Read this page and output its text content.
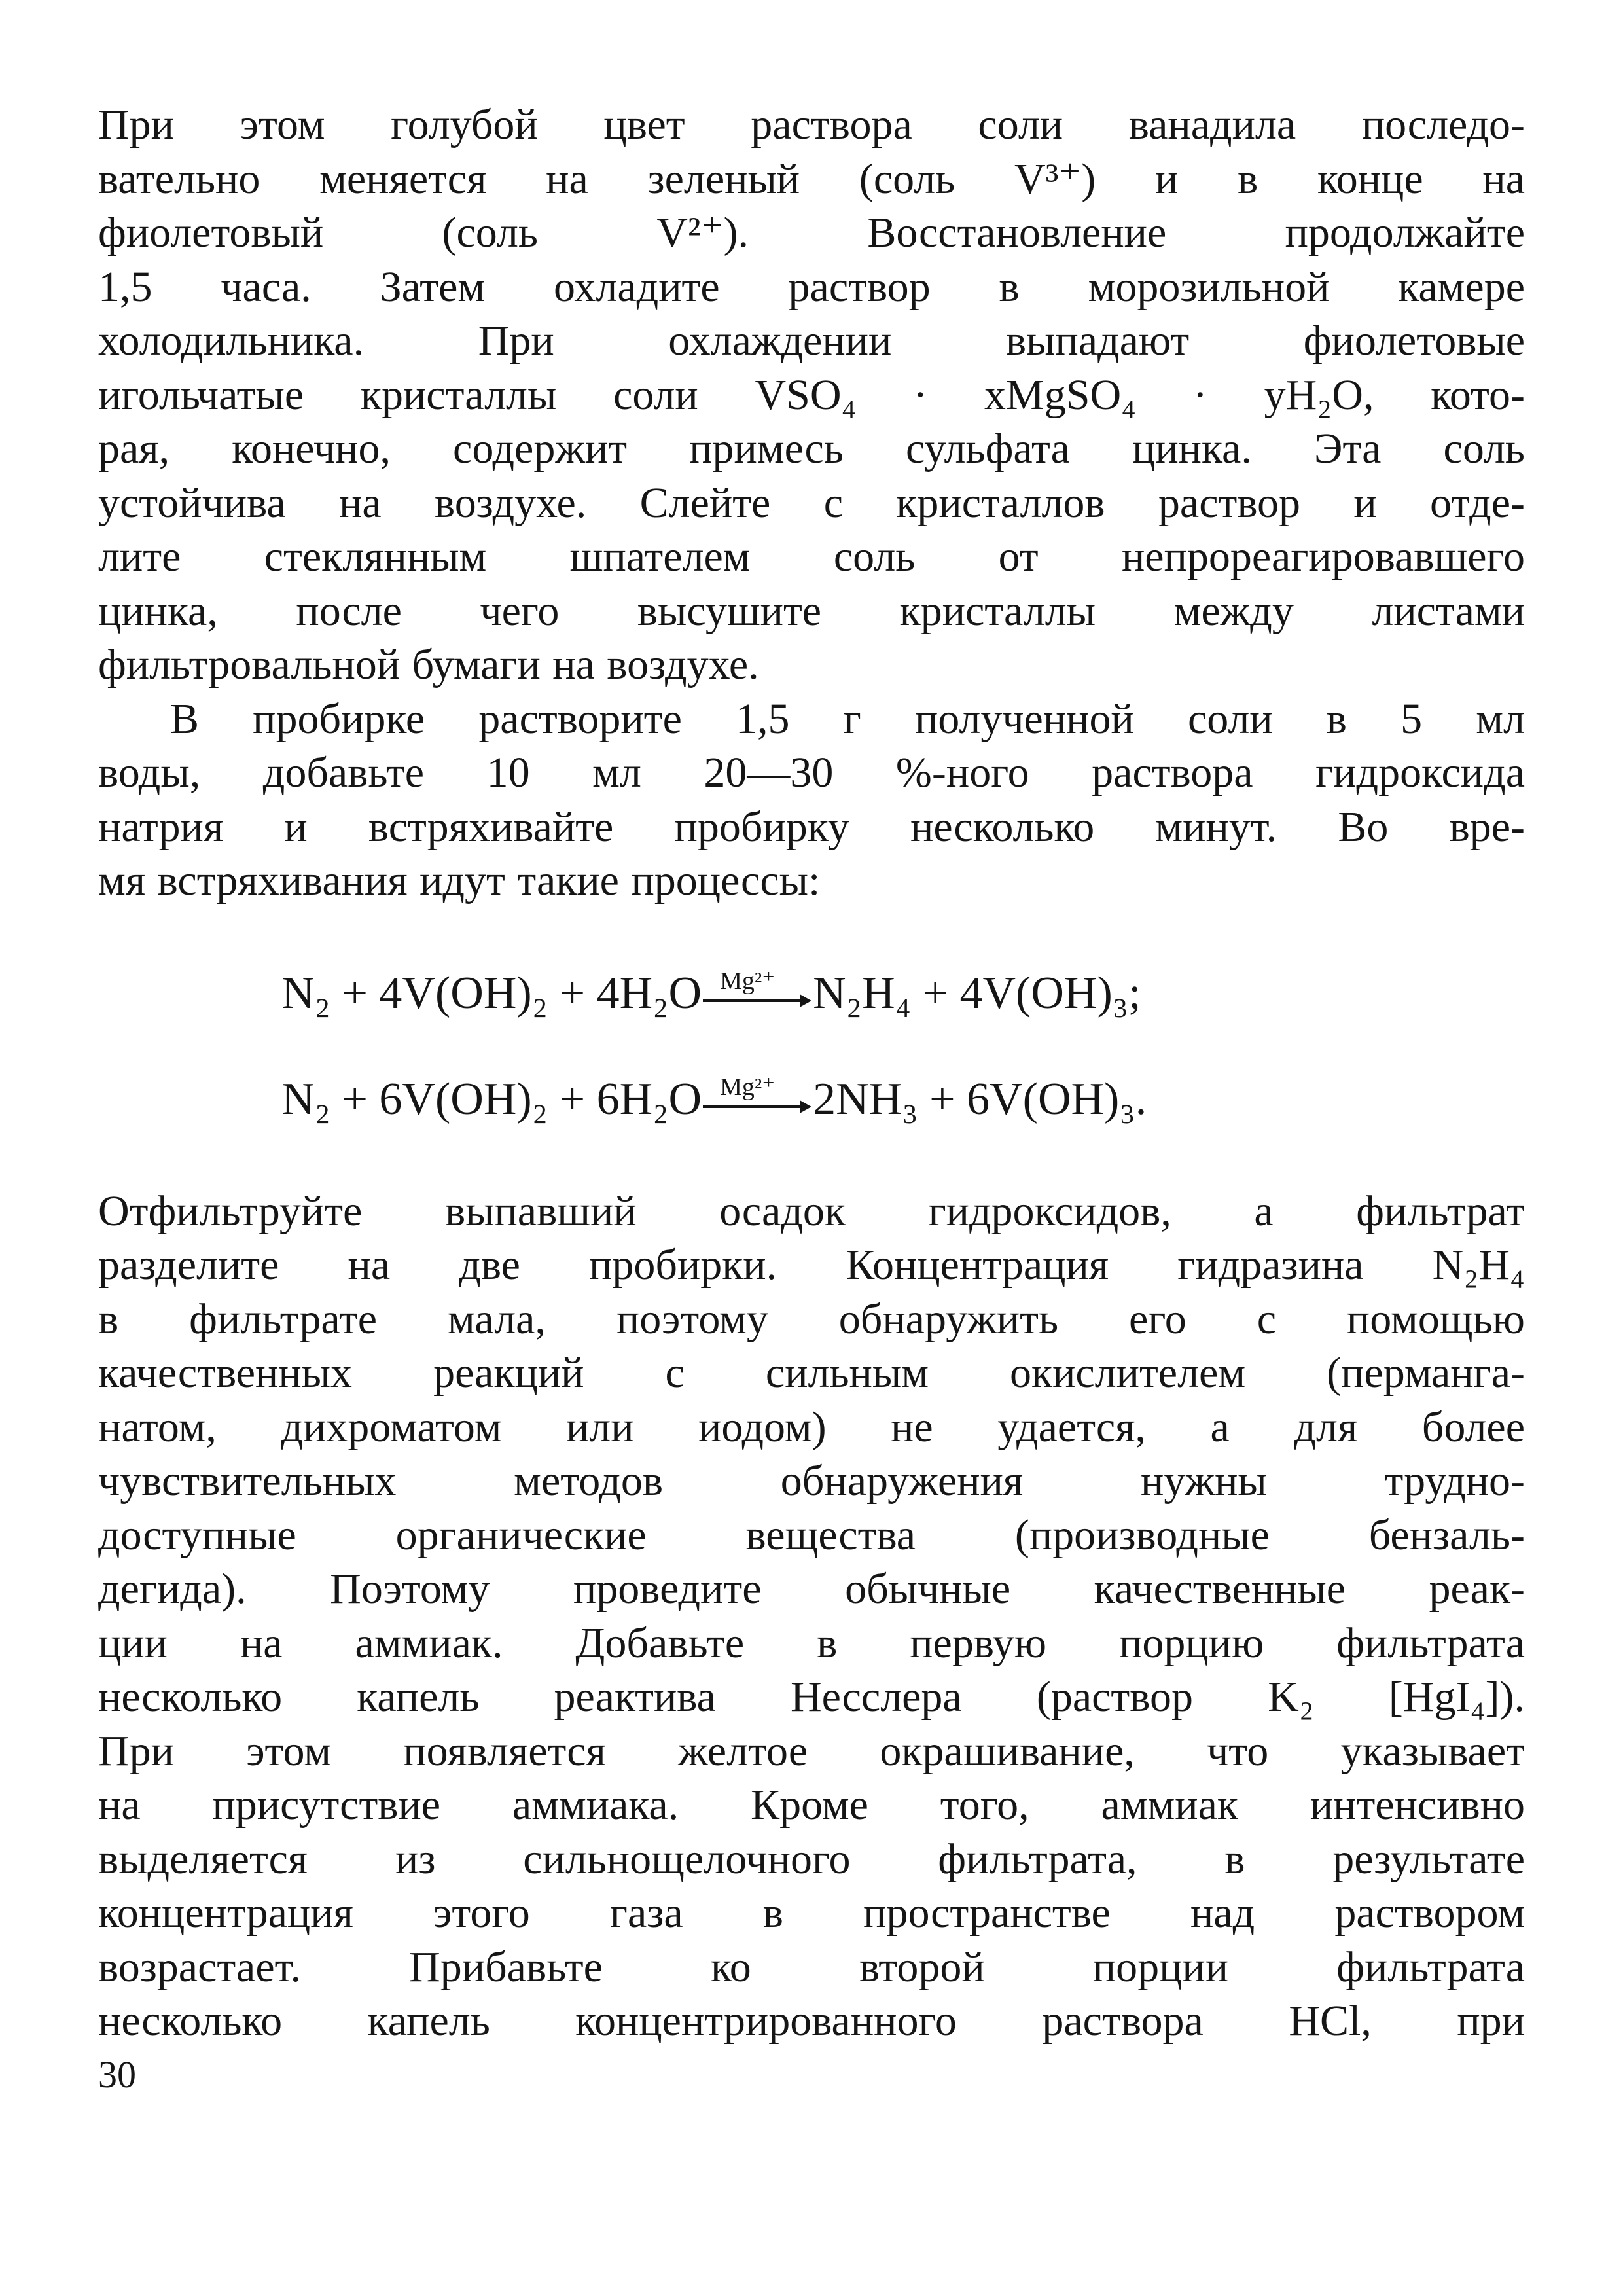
При этом голубой цвет раствора соли ванадила последо-
вательно меняется на зеленый (соль V³⁺) и в конце на
фиолетовый (соль V²⁺). Восстановление продолжайте
1,5 часа. Затем охладите раствор в морозильной камере
холодильника. При охлаждении выпадают фиолетовые
игольчатые кристаллы соли VSO₄ · xMgSO₄ · yH₂O, кото-
рая, конечно, содержит примесь сульфата цинка. Эта соль
устойчива на воздухе. Слейте с кристаллов раствор и отде-
лите стеклянным шпателем соль от непрореагировавшего
цинка, после чего высушите кристаллы между листами
фильтровальной бумаги на воздухе.
В пробирке растворите 1,5 г полученной соли в 5 мл
воды, добавьте 10 мл 20—30 %-ного раствора гидроксида
натрия и встряхивайте пробирку несколько минут. Во вре-
мя встряхивания идут такие процессы:
N₂ + 4V(OH)₂ + 4H₂O Mg²⁺ N₂H₄ + 4V(OH)₃;
N₂ + 6V(OH)₂ + 6H₂O Mg²⁺ 2NH₃ + 6V(OH)₃.
Отфильтруйте выпавший осадок гидроксидов, а фильтрат
разделите на две пробирки. Концентрация гидразина N₂H₄
в фильтрате мала, поэтому обнаружить его с помощью
качественных реакций с сильным окислителем (перманга-
натом, дихроматом или иодом) не удается, а для более
чувствительных методов обнаружения нужны трудно-
доступные органические вещества (производные бензаль-
дегида). Поэтому проведите обычные качественные реак-
ции на аммиак. Добавьте в первую порцию фильтрата
несколько капель реактива Несслера (раствор K₂ [HgI₄]).
При этом появляется желтое окрашивание, что указывает
на присутствие аммиака. Кроме того, аммиак интенсивно
выделяется из сильнощелочного фильтрата, в результате
концентрация этого газа в пространстве над раствором
возрастает. Прибавьте ко второй порции фильтрата
несколько капель концентрированного раствора HCl, при
30
